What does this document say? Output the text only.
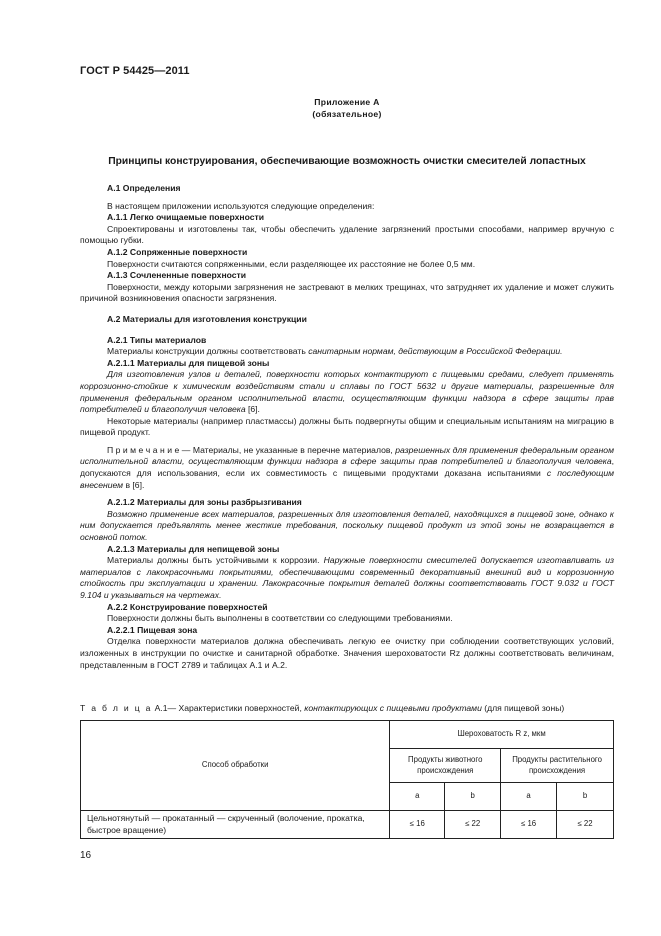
ГОСТ Р 54425—2011
Приложение А
(обязательное)
Принципы конструирования, обеспечивающие возможность очистки смесителей лопастных
А.1 Определения
В настоящем приложении используются следующие определения:
А.1.1 Легко очищаемые поверхности
Спроектированы и изготовлены так, чтобы обеспечить удаление загрязнений простыми способами, например вручную с помощью губки.
А.1.2 Сопряженные поверхности
Поверхности считаются сопряженными, если разделяющее их расстояние не более 0,5 мм.
А.1.3 Сочлененные поверхности
Поверхности, между которыми загрязнения не застревают в мелких трещинах, что затрудняет их удаление и может служить причиной возникновения опасности загрязнения.
А.2 Материалы для изготовления конструкции
А.2.1 Типы материалов
Материалы конструкции должны соответствовать санитарным нормам, действующим в Российской Федерации.
А.2.1.1 Материалы для пищевой зоны
Для изготовления узлов и деталей, поверхности которых контактируют с пищевыми средами, следует применять коррозионно-стойкие к химическим воздействиям стали и сплавы по ГОСТ 5632 и другие материалы, разрешенные для применения федеральным органом исполнительной власти, осуществляющим функции надзора в сфере защиты прав потребителей и благополучия человека [6].
Некоторые материалы (например пластмассы) должны быть подвергнуты общим и специальным испытаниям на миграцию в пищевой продукт.
П р и м е ч а н и е — Материалы, не указанные в перечне материалов, разрешенных для применения федеральным органом исполнительной власти, осуществляющим функции надзора в сфере защиты прав потребителей и благополучия человека, допускаются для использования, если их совместимость с пищевыми продуктами доказана испытаниями с последующим внесением в [6].
А.2.1.2 Материалы для зоны разбрызгивания
Возможно применение всех материалов, разрешенных для изготовления деталей, находящихся в пищевой зоне, однако к ним допускается предъявлять менее жесткие требования, поскольку пищевой продукт из этой зоны не возвращается в основной поток.
А.2.1.3 Материалы для непищевой зоны
Материалы должны быть устойчивыми к коррозии. Наружные поверхности смесителей допускается изготавливать из материалов с лакокрасочными покрытиями, обеспечивающими современный декоративный внешний вид и коррозионную стойкость при эксплуатации и хранении. Лакокрасочные покрытия деталей должны соответствовать ГОСТ 9.032 и ГОСТ 9.104 и указываться на чертежах.
А.2.2 Конструирование поверхностей
Поверхности должны быть выполнены в соответствии со следующими требованиями.
А.2.2.1 Пищевая зона
Отделка поверхности материалов должна обеспечивать легкую ее очистку при соблюдении соответствующих условий, изложенных в инструкции по очистке и санитарной обработке. Значения шероховатости Rz должны соответствовать величинам, представленным в ГОСТ 2789 и таблицах А.1 и А.2.
Т а б л и ц а А.1— Характеристики поверхностей, контактирующих с пищевыми продуктами (для пищевой зоны)
Способ обработки	Шероховатость R z, мкм			
	Продукты животного происхождения		Продукты растительного происхождения	
	а	b	а	b
Цельнотянутый — прокатанный — скрученный (волочение, прокатка, быстрое вращение)	≤ 16	≤ 22	≤ 16	≤ 22
16
